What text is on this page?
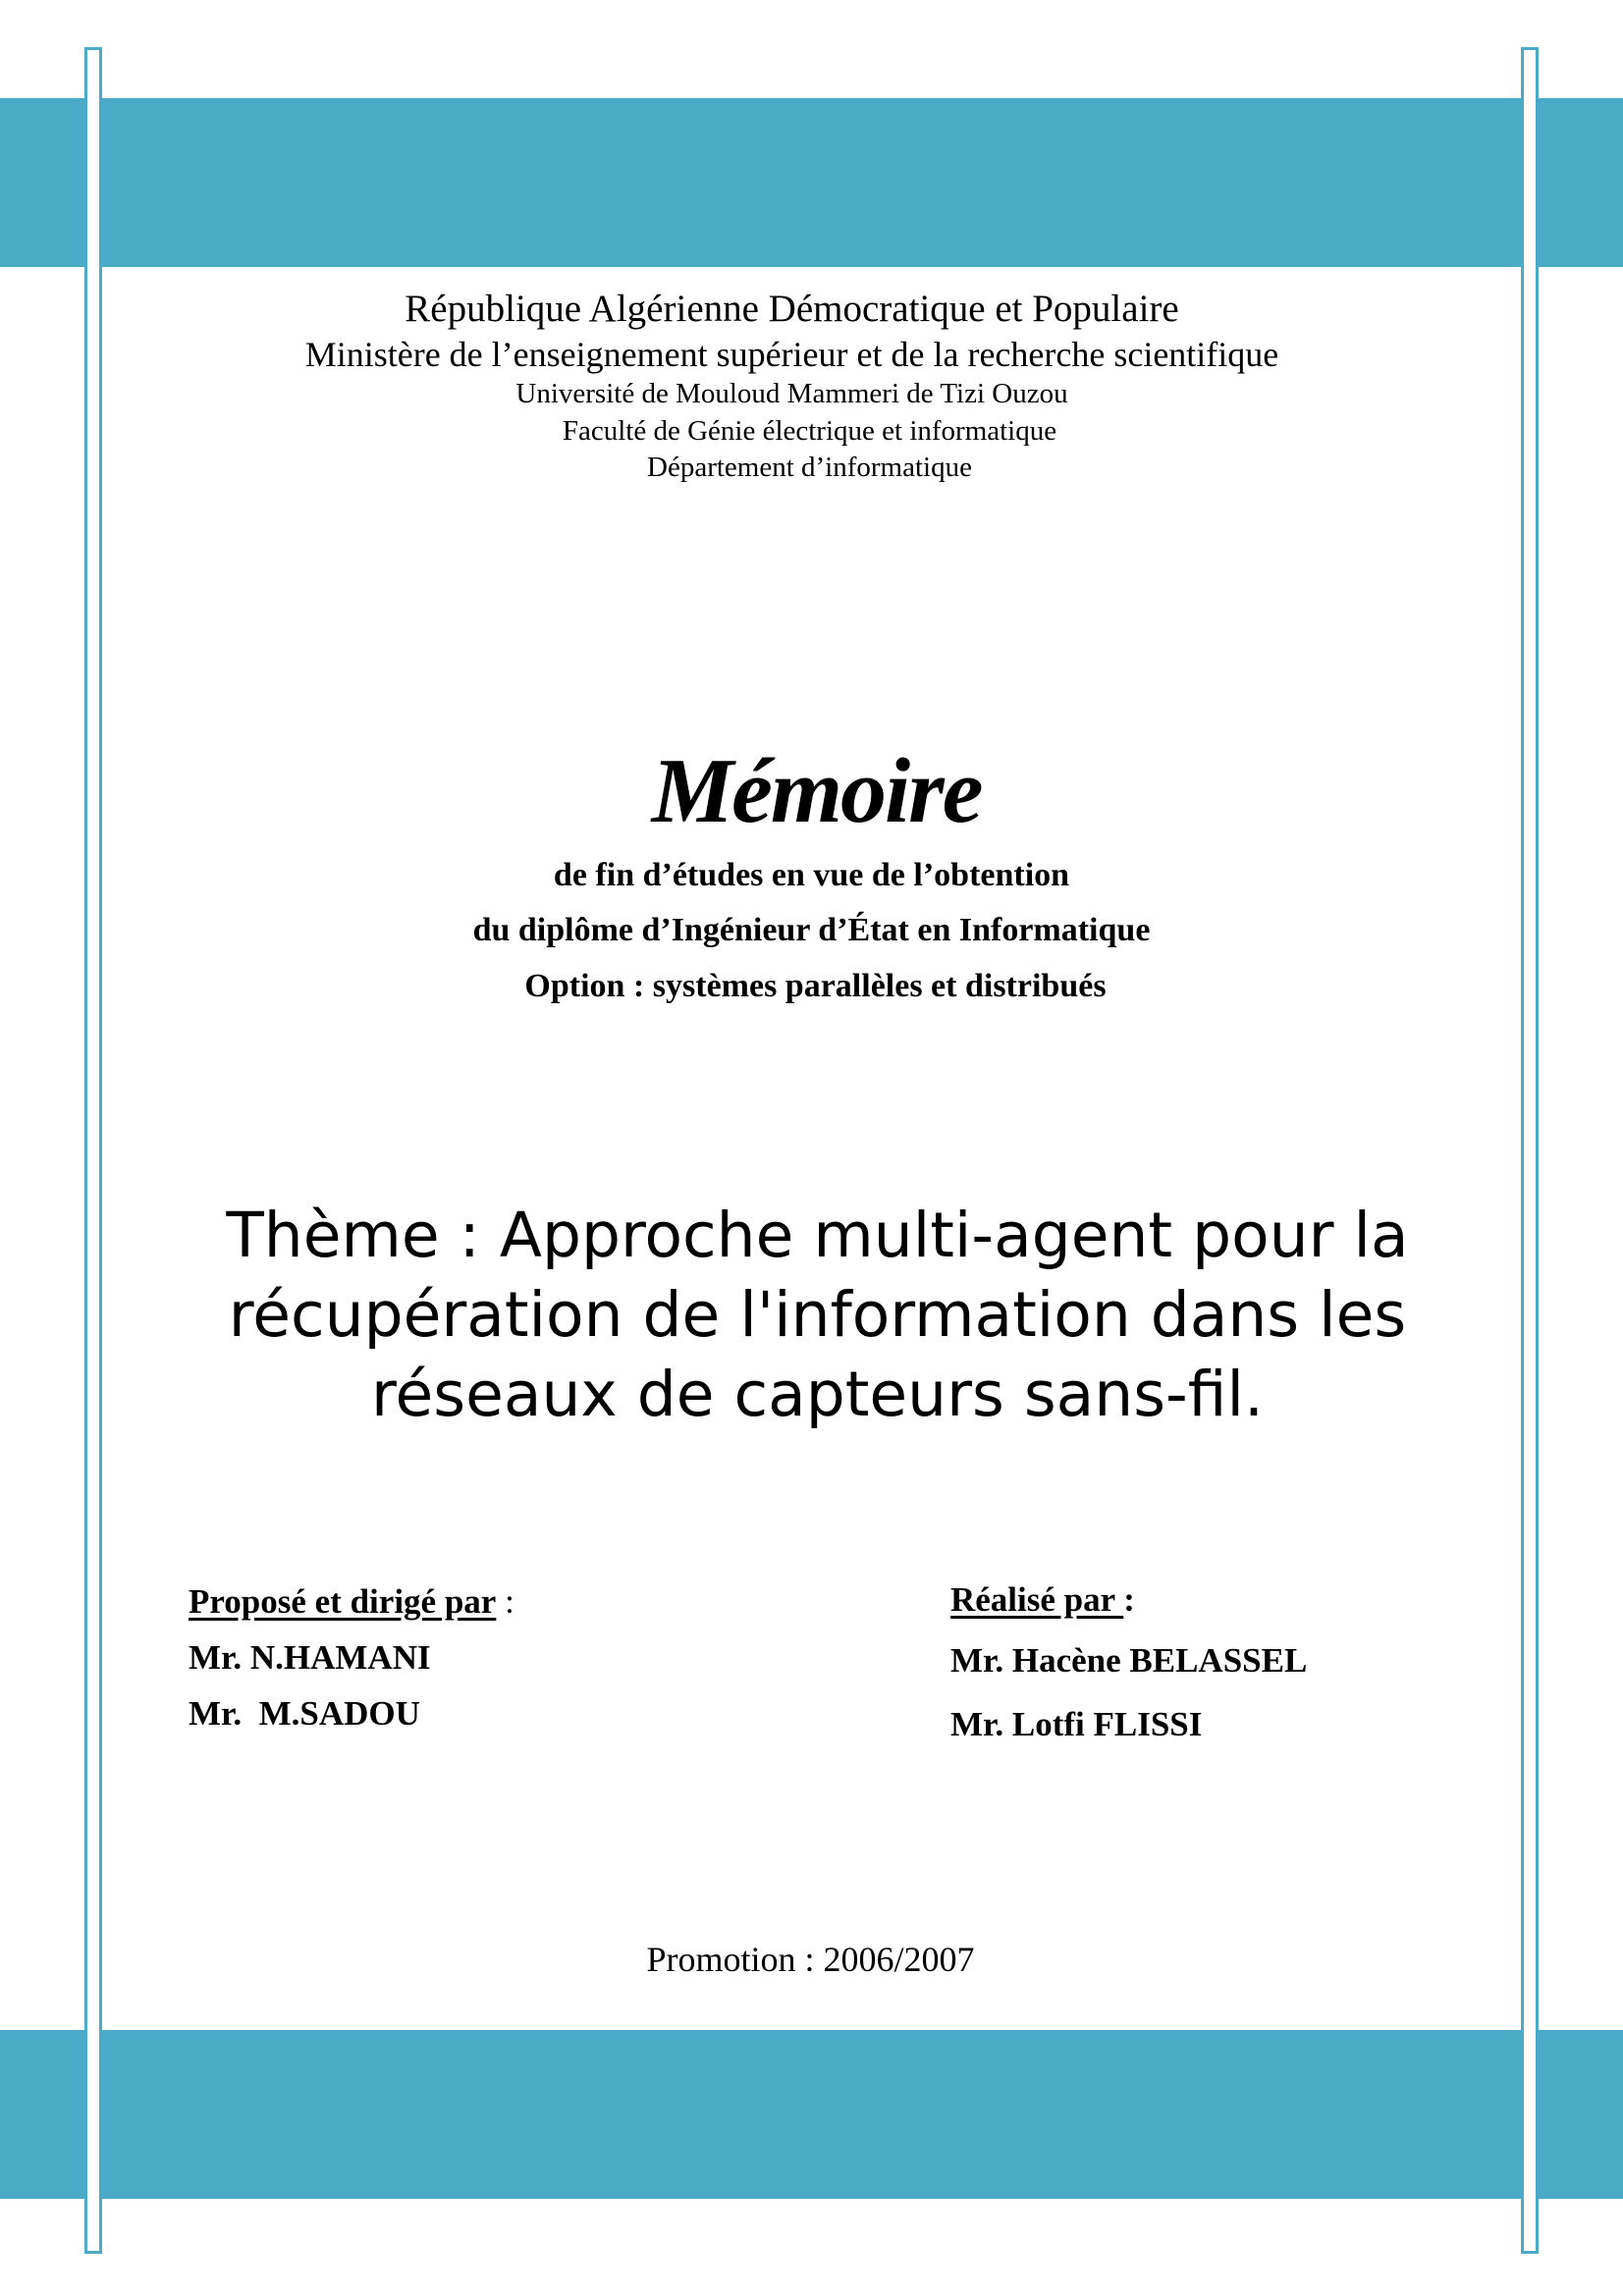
République Algérienne Démocratique et Populaire
Ministère de l’enseignement supérieur et de la recherche scientifique
Université de Mouloud Mammeri de Tizi Ouzou
Faculté de Génie électrique et informatique
Département d’informatique
Mémoire
de fin d’études en vue de l’obtention
du diplôme d’Ingénieur d’État en Informatique
Option : systèmes parallèles et distribués
Thème : Approche multi-agent pour la
récupération de l'information dans les
réseaux de capteurs sans-fil.
Proposé et dirigé par :
Mr. N.HAMANI
Mr.  M.SADOU
Réalisé par :
Mr. Hacène BELASSEL
Mr. Lotfi FLISSI
Promotion : 2006/2007
